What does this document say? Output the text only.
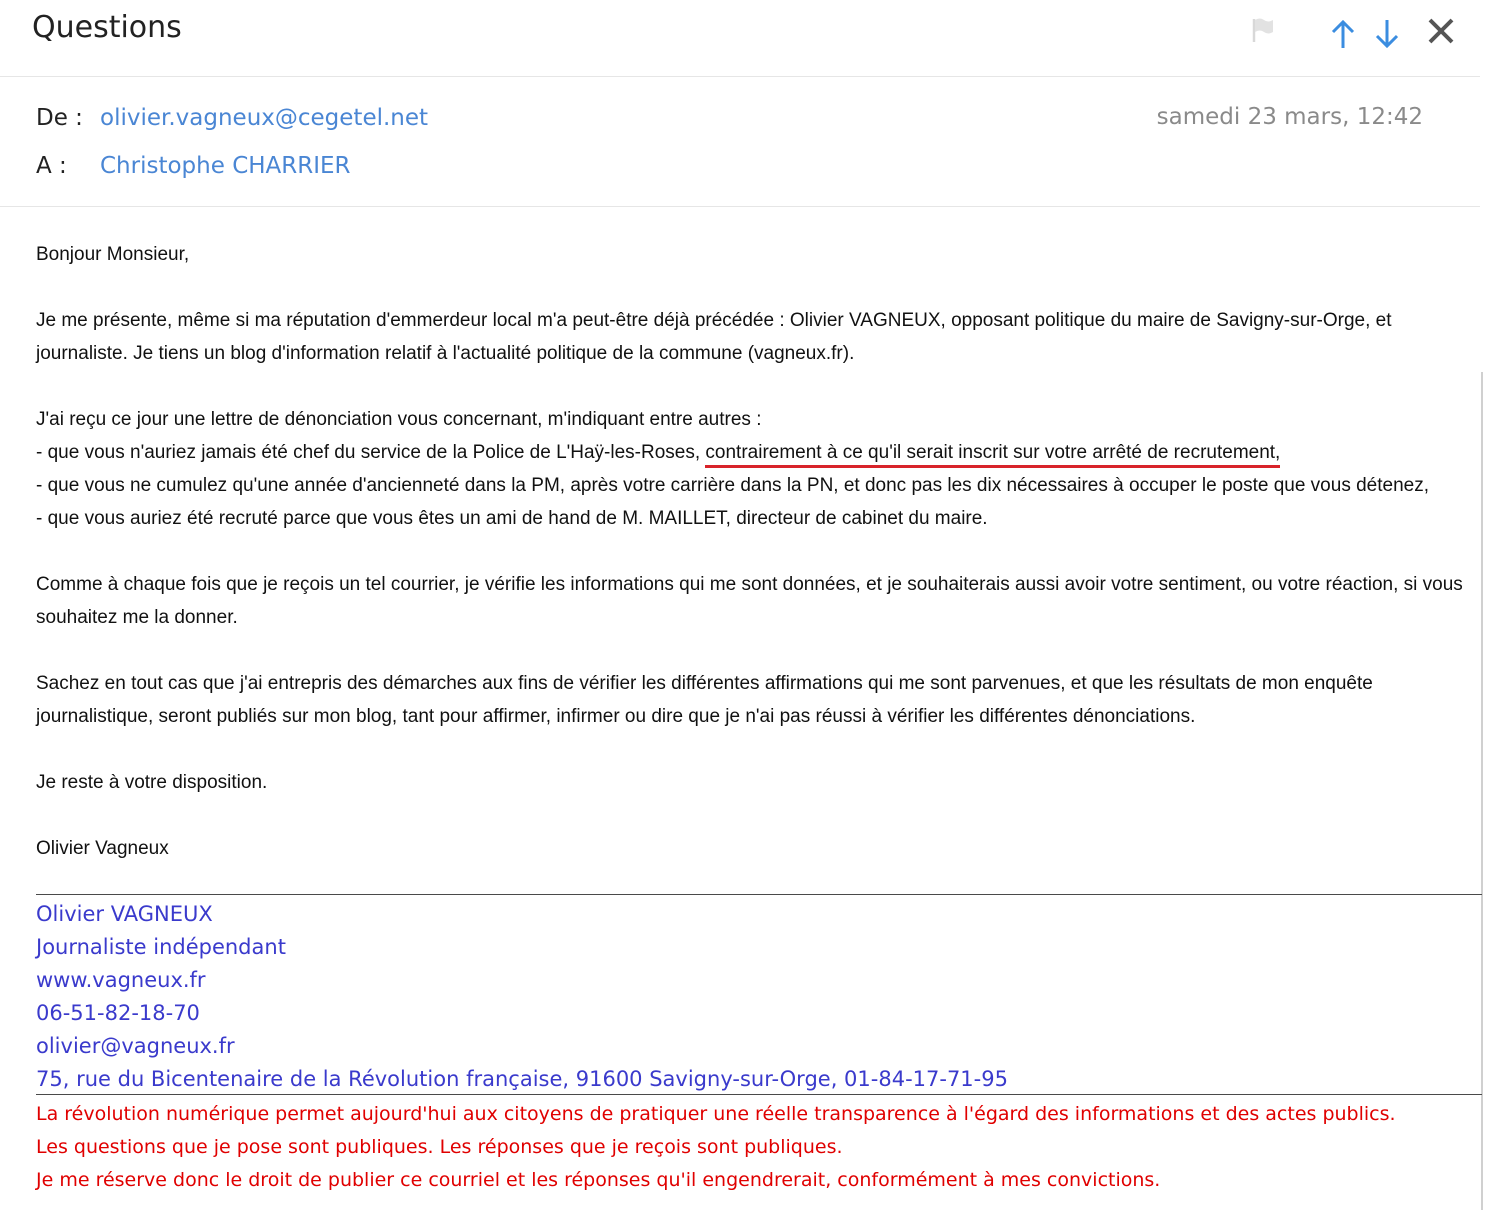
Questions
De : olivier.vagneux@cegetel.net
A : Christophe CHARRIER
samedi 23 mars, 12:42

Bonjour Monsieur,

Je me présente, même si ma réputation d'emmerdeur local m'a peut-être déjà précédée : Olivier VAGNEUX, opposant politique du maire de Savigny-sur-Orge, et journaliste. Je tiens un blog d'information relatif à l'actualité politique de la commune (vagneux.fr).

J'ai reçu ce jour une lettre de dénonciation vous concernant, m'indiquant entre autres :

- que vous n'auriez jamais été chef du service de la Police de L'Haÿ-les-Roses, contrairement à ce qu'il serait inscrit sur votre arrêté de recrutement,

- que vous ne cumulez qu'une année d'ancienneté dans la PM, après votre carrière dans la PN, et donc pas les dix nécessaires à occuper le poste que vous détenez,

- que vous auriez été recruté parce que vous êtes un ami de hand de M. MAILLET, directeur de cabinet du maire.

Comme à chaque fois que je reçois un tel courrier, je vérifie les informations qui me sont données, et je souhaiterais aussi avoir votre sentiment, ou votre réaction, si vous souhaitez me la donner.

Sachez en tout cas que j'ai entrepris des démarches aux fins de vérifier les différentes affirmations qui me sont parvenues, et que les résultats de mon enquête journalistique, seront publiés sur mon blog, tant pour affirmer, infirmer ou dire que je n'ai pas réussi à vérifier les différentes dénonciations.

Je reste à votre disposition.

Olivier Vagneux

Olivier VAGNEUX
Journaliste indépendant
www.vagneux.fr
06-51-82-18-70
olivier@vagneux.fr
75, rue du Bicentenaire de la Révolution française, 91600 Savigny-sur-Orge, 01-84-17-71-95
La révolution numérique permet aujourd'hui aux citoyens de pratiquer une réelle transparence à l'égard des informations et des actes publics.
Les questions que je pose sont publiques. Les réponses que je reçois sont publiques.
Je me réserve donc le droit de publier ce courriel et les réponses qu'il engendrerait, conformément à mes convictions.
